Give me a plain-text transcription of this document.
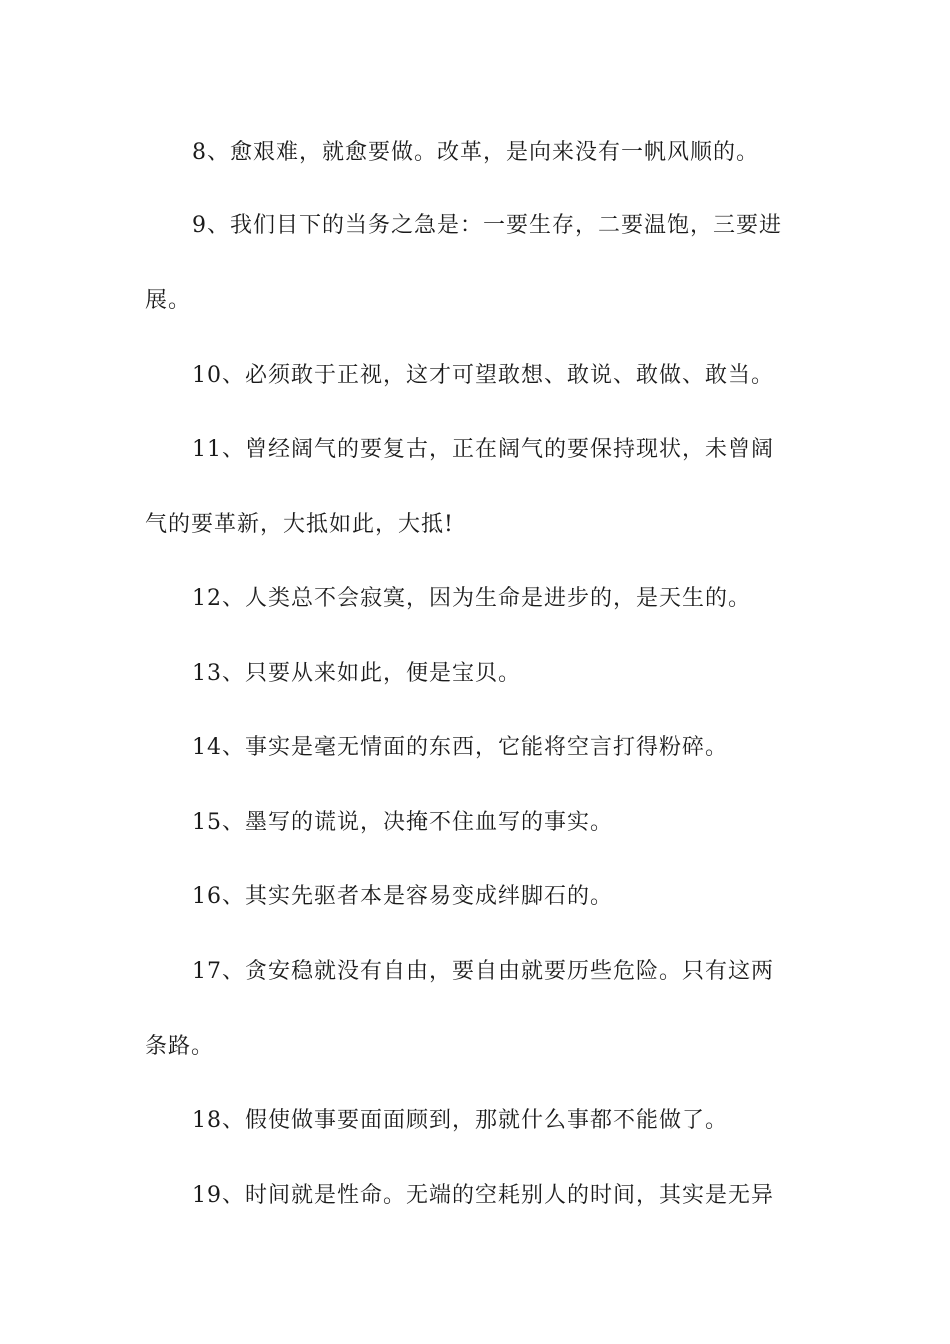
8、愈艰难，就愈要做。改革，是向来没有一帆风顺的。
9、我们目下的当务之急是：一要生存，二要温饱，三要进
展。
10、必须敢于正视，这才可望敢想、敢说、敢做、敢当。
11、曾经阔气的要复古，正在阔气的要保持现状，未曾阔
气的要革新，大抵如此，大抵!
12、人类总不会寂寞，因为生命是进步的，是天生的。
13、只要从来如此，便是宝贝。
14、事实是毫无情面的东西，它能将空言打得粉碎。
15、墨写的谎说，决掩不住血写的事实。
16、其实先驱者本是容易变成绊脚石的。
17、贪安稳就没有自由，要自由就要历些危险。只有这两
条路。
18、假使做事要面面顾到，那就什么事都不能做了。
19、时间就是性命。无端的空耗别人的时间，其实是无异
